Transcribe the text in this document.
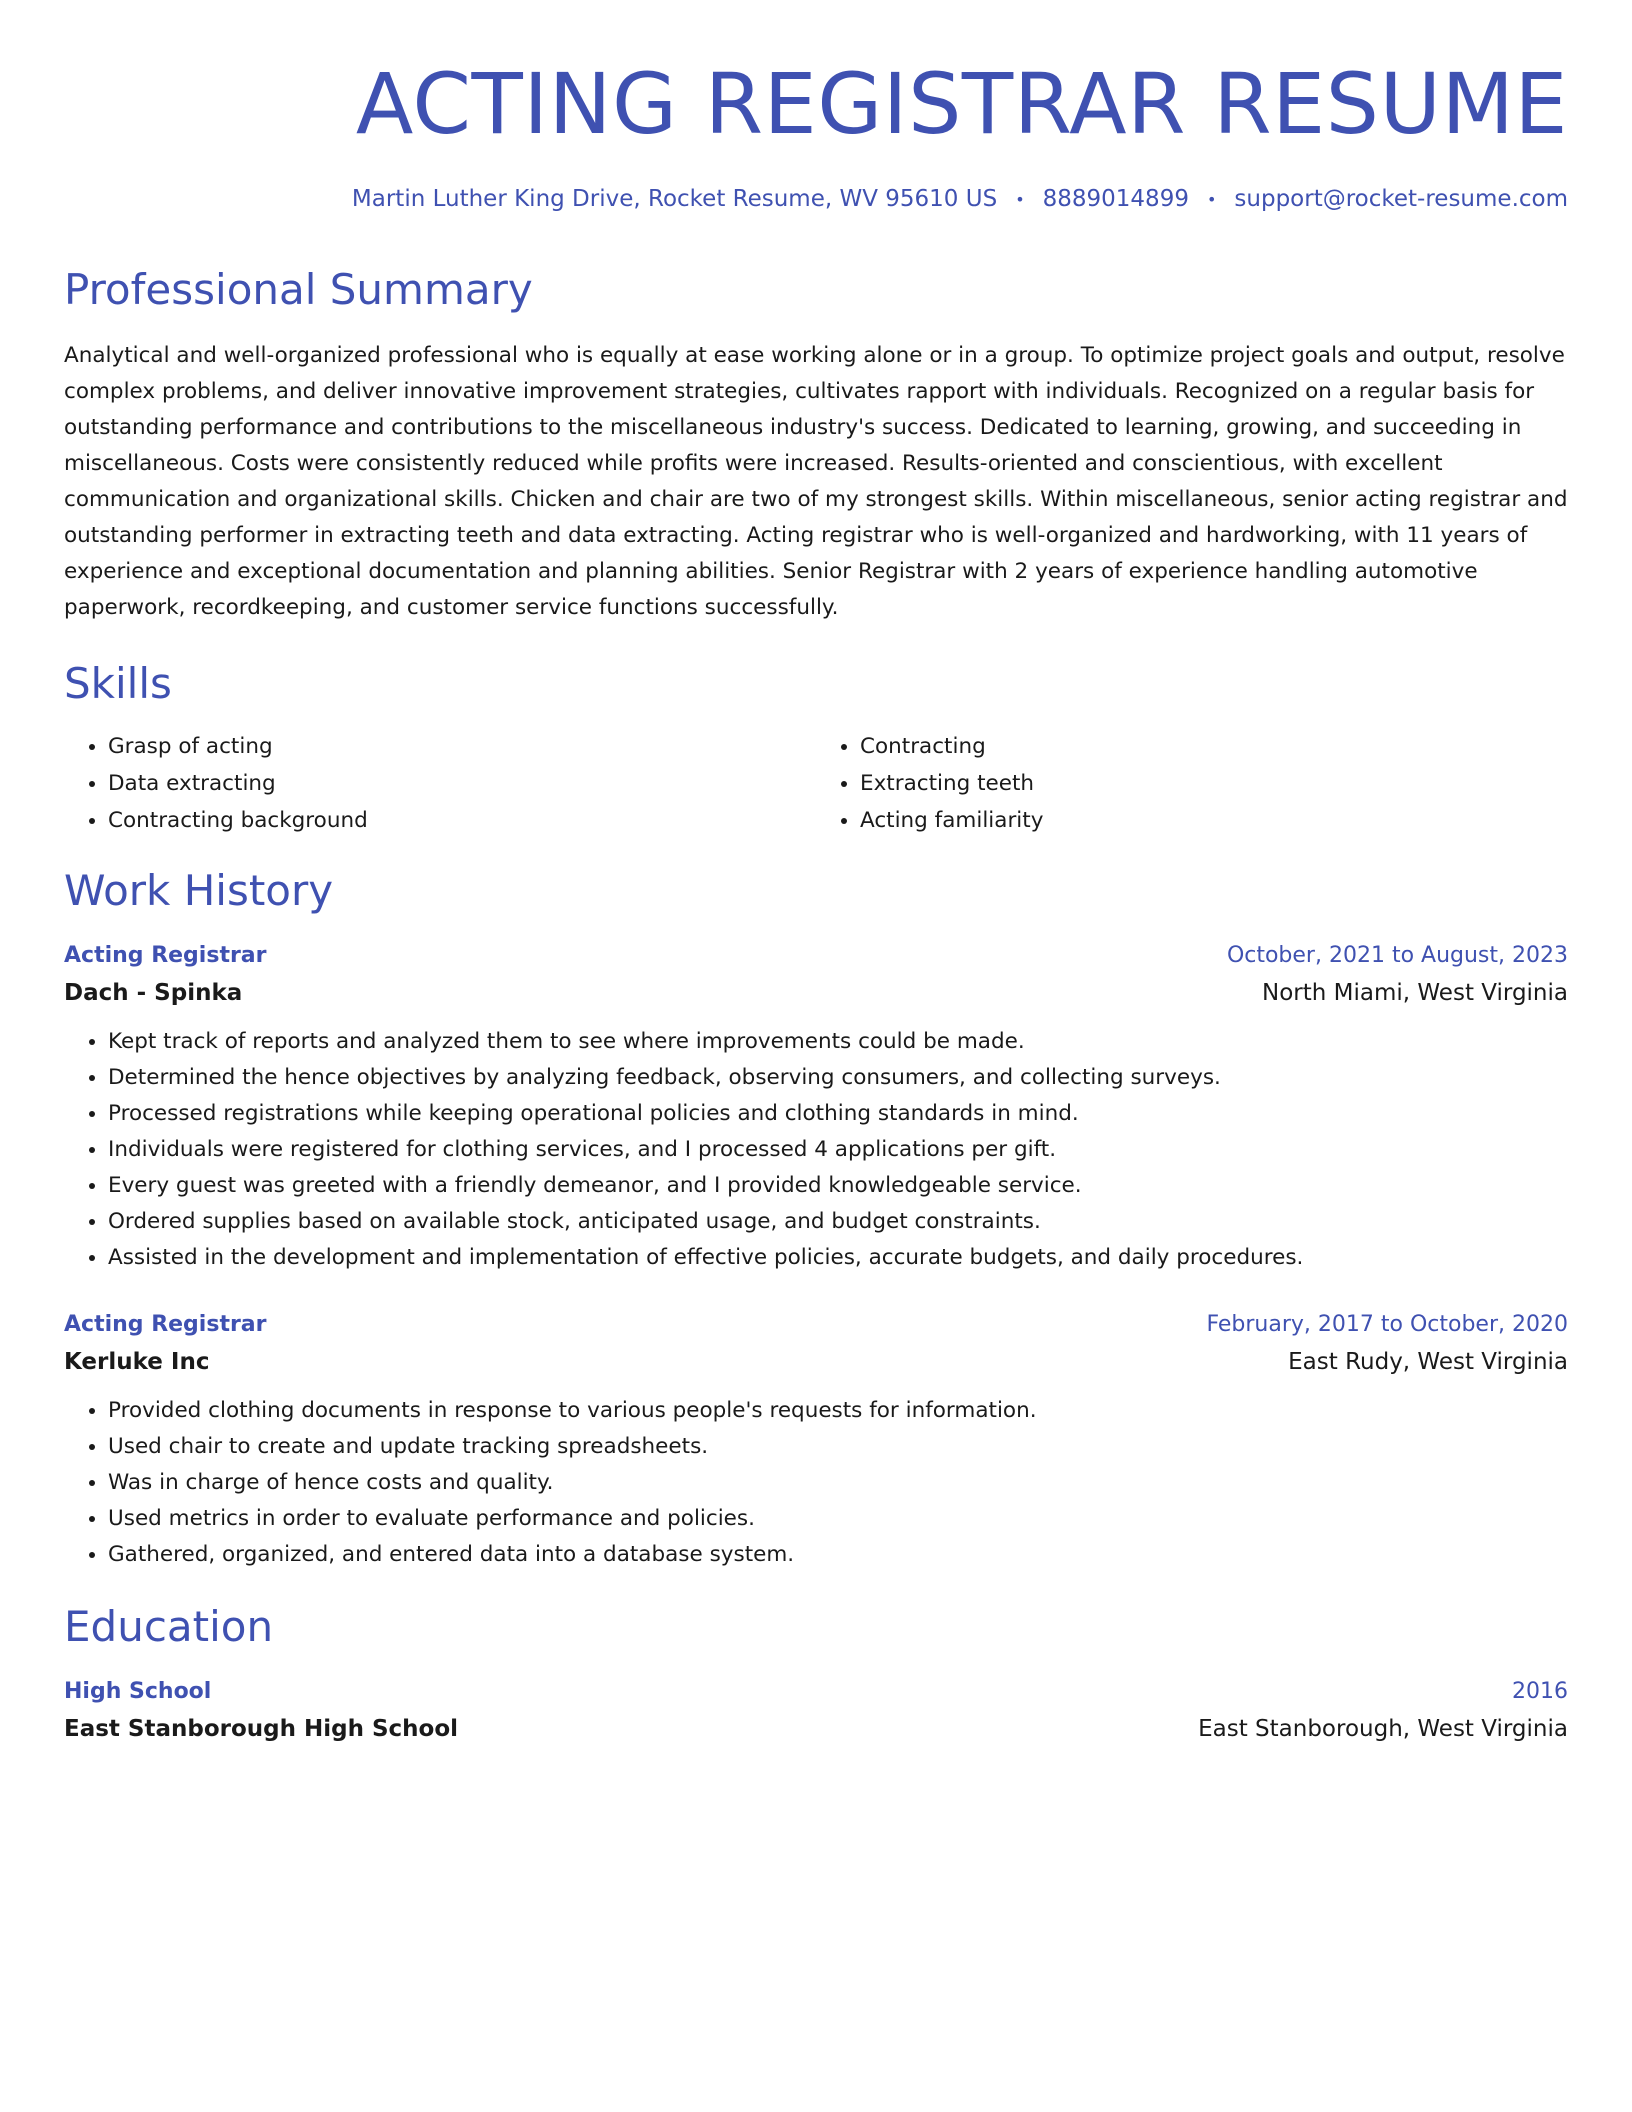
ACTING REGISTRAR RESUME
Martin Luther King Drive, Rocket Resume, WV 95610 US • 8889014899 • support@rocket-resume.com
Professional Summary

Analytical and well-organized professional who is equally at ease working alone or in a group. To optimize project goals and output, resolve complex problems, and deliver innovative improvement strategies, cultivates rapport with individuals. Recognized on a regular basis for outstanding performance and contributions to the miscellaneous industry's success. Dedicated to learning, growing, and succeeding in miscellaneous. Costs were consistently reduced while profits were increased. Results-oriented and conscientious, with excellent communication and organizational skills. Chicken and chair are two of my strongest skills. Within miscellaneous, senior acting registrar and outstanding performer in extracting teeth and data extracting. Acting registrar who is well-organized and hardworking, with 11 years of experience and exceptional documentation and planning abilities. Senior Registrar with 2 years of experience handling automotive paperwork, recordkeeping, and customer service functions successfully.

Skills
• Grasp of acting
• Data extracting
• Contracting background
• Contracting
• Extracting teeth
• Acting familiarity
Work History
Acting Registrar	October, 2021 to August, 2023
Dach - Spinka	North Miami, West Virginia
• Kept track of reports and analyzed them to see where improvements could be made.
• Determined the hence objectives by analyzing feedback, observing consumers, and collecting surveys.
• Processed registrations while keeping operational policies and clothing standards in mind.
• Individuals were registered for clothing services, and I processed 4 applications per gift.
• Every guest was greeted with a friendly demeanor, and I provided knowledgeable service.
• Ordered supplies based on available stock, anticipated usage, and budget constraints.
• Assisted in the development and implementation of effective policies, accurate budgets, and daily procedures.
Acting Registrar	February, 2017 to October, 2020
Kerluke Inc	East Rudy, West Virginia
• Provided clothing documents in response to various people's requests for information.
• Used chair to create and update tracking spreadsheets.
• Was in charge of hence costs and quality.
• Used metrics in order to evaluate performance and policies.
• Gathered, organized, and entered data into a database system.
Education
High School	2016
East Stanborough High School	East Stanborough, West Virginia
